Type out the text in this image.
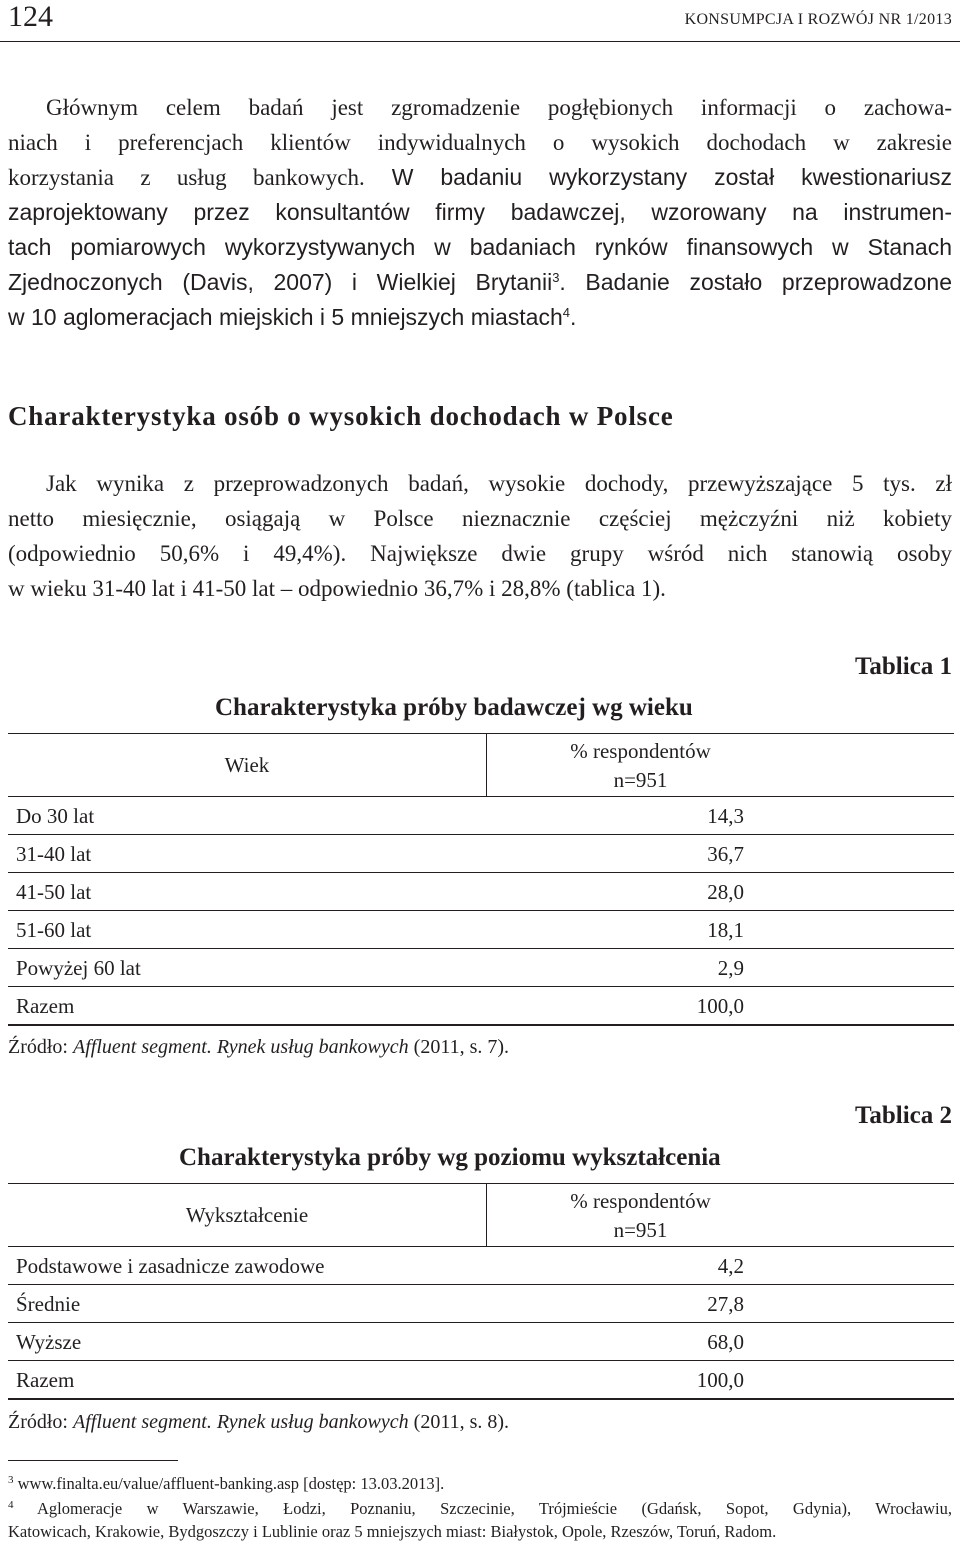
124	KONSUMPCJA I ROZWÓJ NR 1/2013
Głównym celem badań jest zgromadzenie pogłębionych informacji o zachowa-
niach i preferencjach klientów indywidualnych o wysokich dochodach w zakresie
korzystania z usług bankowych. W badaniu wykorzystany został kwestionariusz
zaprojektowany przez konsultantów firmy badawczej, wzorowany na instrumen-
tach pomiarowych wykorzystywanych w badaniach rynków finansowych w Stanach
Zjednoczonych (Davis, 2007) i Wielkiej Brytanii$^3$. Badanie zostało przeprowadzone
w 10 aglomeracjach miejskich i 5 mniejszych miastach$^4$.
Charakterystyka osób o wysokich dochodach w Polsce
Jak wynika z przeprowadzonych badań, wysokie dochody, przewyższające 5 tys. zł
netto miesięcznie, osiągają w Polsce nieznacznie częściej mężczyźni niż kobiety
(odpowiednio 50,6% i 49,4%). Największe dwie grupy wśród nich stanowią osoby
w wieku 31-40 lat i 41-50 lat – odpowiednio 36,7% i 28,8% (tablica 1).
Tablica 1
Charakterystyka próby badawczej wg wieku
Wiek	% respondentów
n=951

Do 30 lat	14,3
31-40 lat	36,7
41-50 lat	28,0
51-60 lat	18,1
Powyżej 60 lat	2,9
Razem	100,0
Źródło: Affluent segment. Rynek usług bankowych (2011, s. 7).
Tablica 2
Charakterystyka próby wg poziomu wykształcenia
Wykształcenie	% respondentów
n=951

Podstawowe i zasadnicze zawodowe	4,2
Średnie	27,8
Wyższe	68,0
Razem	100,0
Źródło: Affluent segment. Rynek usług bankowych (2011, s. 8).
$^3$ www.finalta.eu/value/affluent-banking.asp [dostęp: 13.03.2013].
$^4$ Aglomeracje w Warszawie, Łodzi, Poznaniu, Szczecinie, Trójmieście (Gdańsk, Sopot, Gdynia), Wrocławiu,
Katowicach, Krakowie, Bydgoszczy i Lublinie oraz 5 mniejszych miast: Białystok, Opole, Rzeszów, Toruń, Radom.
